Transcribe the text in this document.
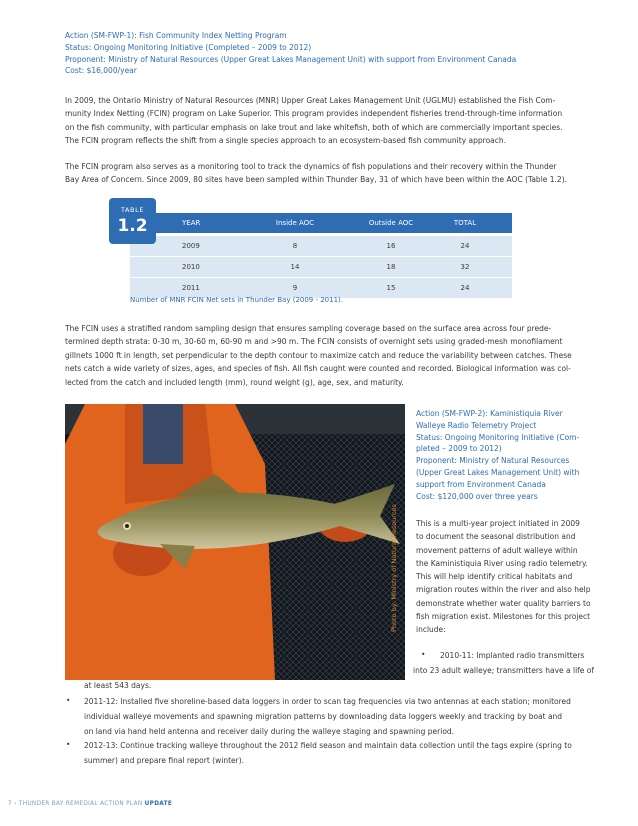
Action (SM-FWP-1): Fish Community Index Netting Program
Status: Ongoing Monitoring Initiative (Completed – 2009 to 2012)
Proponent: Ministry of Natural Resources (Upper Great Lakes Management Unit) with support from Environment Canada
Cost: $16,000/year
In 2009, the Ontario Ministry of Natural Resources (MNR) Upper Great Lakes Management Unit (UGLMU) established the Fish Com-
munity Index Netting (FCIN) program on Lake Superior. This program provides independent fisheries trend-through-time information
on the fish community, with particular emphasis on lake trout and lake whitefish, both of which are commercially important species.
The FCIN program reflects the shift from a single species approach to an ecosystem-based fish community approach.
The FCIN program also serves as a monitoring tool to track the dynamics of fish populations and their recovery within the Thunder
Bay Area of Concern. Since 2009, 80 sites have been sampled within Thunder Bay, 31 of which have been within the AOC (Table 1.2).
YEAR	Inside AOC	Outside AOC	TOTAL
2009	8	16	24
2010	14	18	32
2011	9	15	24
TABLE
1.2
Number of MNR FCIN Net sets in Thunder Bay (2009 - 2011).
The FCIN uses a stratified random sampling design that ensures sampling coverage based on the surface area across four prede-
termined depth strata: 0-30 m, 30-60 m, 60-90 m and >90 m. The FCIN consists of overnight sets using graded-mesh monofilament
gillnets 1000 ft in length, set perpendicular to the depth contour to maximize catch and reduce the variability between catches. These
nets catch a wide variety of sizes, ages, and species of fish. All fish caught were counted and recorded. Biological information was col-
lected from the catch and included length (mm), round weight (g), age, sex, and maturity.
Photo by: Ministry of Natural Resources
Action (SM-FWP-2): Kaministiquia River
Walleye Radio Telemetry Project
Status: Ongoing Monitoring Initiative (Com-
pleted – 2009 to 2012)
Proponent: Ministry of Natural Resources
(Upper Great Lakes Management Unit) with
support from Environment Canada
Cost: $120,000 over three years
This is a multi-year project initiated in 2009
to document the seasonal distribution and
movement patterns of adult walleye within
the Kaministiquia River using radio telemetry.
This will help identify critical habitats and
migration routes within the river and also help
demonstrate whether water quality barriers to
fish migration exist. Milestones for this project
include:
• 2010-11: Implanted radio transmitters
into 23 adult walleye; transmitters have a life of
at least 543 days.
• 2011-12: Installed five shoreline-based data loggers in order to scan tag frequencies via two antennas at each station; monitored
individual walleye movements and spawning migration patterns by downloading data loggers weekly and tracking by boat and
on land via hand held antenna and receiver daily during the walleye staging and spawning period.
• 2012-13: Continue tracking walleye throughout the 2012 field season and maintain data collection until the tags expire (spring to
summer) and prepare final report (winter).
7 › THUNDER BAY REMEDIAL ACTION PLAN UPDATE
